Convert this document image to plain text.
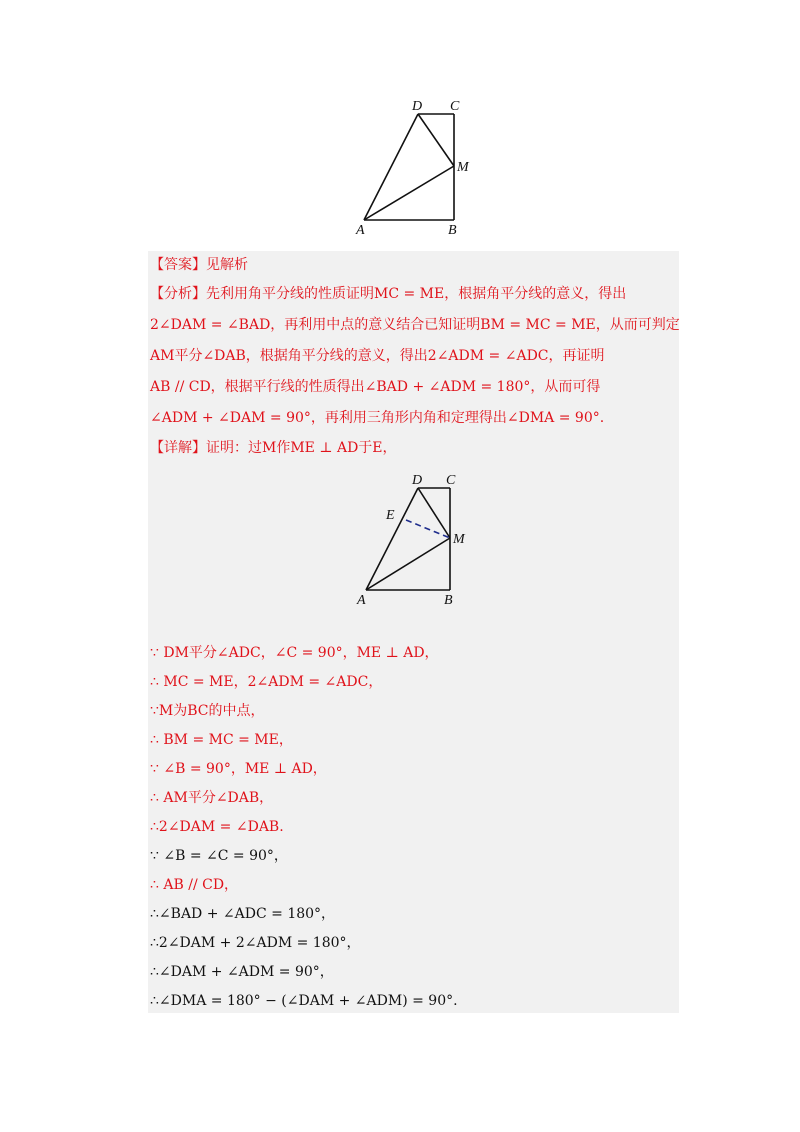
D C
M
A	B
【答案】见解析
【分析】先利用角平分线的性质证明MC = ME，根据角平分线的意义，得出
2∠DAM = ∠BAD，再利用中点的意义结合已知证明BM = MC = ME，从而可判定
AM平分∠DAB，根据角平分线的意义，得出2∠ADM = ∠ADC，再证明
AB // CD，根据平行线的性质得出∠BAD + ∠ADM = 180°，从而可得
∠ADM + ∠DAM = 90°，再利用三角形内角和定理得出∠DMA = 90°.
【详解】证明：过M作ME ⊥ AD于E，
D C
E
M
A	B
∵ DM平分∠ADC，∠C = 90°，ME ⊥ AD，
∴ MC = ME，2∠ADM = ∠ADC，
∵M为BC的中点，
∴ BM = MC = ME，
∵ ∠B = 90°，ME ⊥ AD，
∴ AM平分∠DAB，
∴2∠DAM = ∠DAB.
∵ ∠B = ∠C = 90°，
∴ AB // CD，
∴∠BAD + ∠ADC = 180°，
∴2∠DAM + 2∠ADM = 180°，
∴∠DAM + ∠ADM = 90°，
∴∠DMA = 180° − (∠DAM + ∠ADM) = 90°.
